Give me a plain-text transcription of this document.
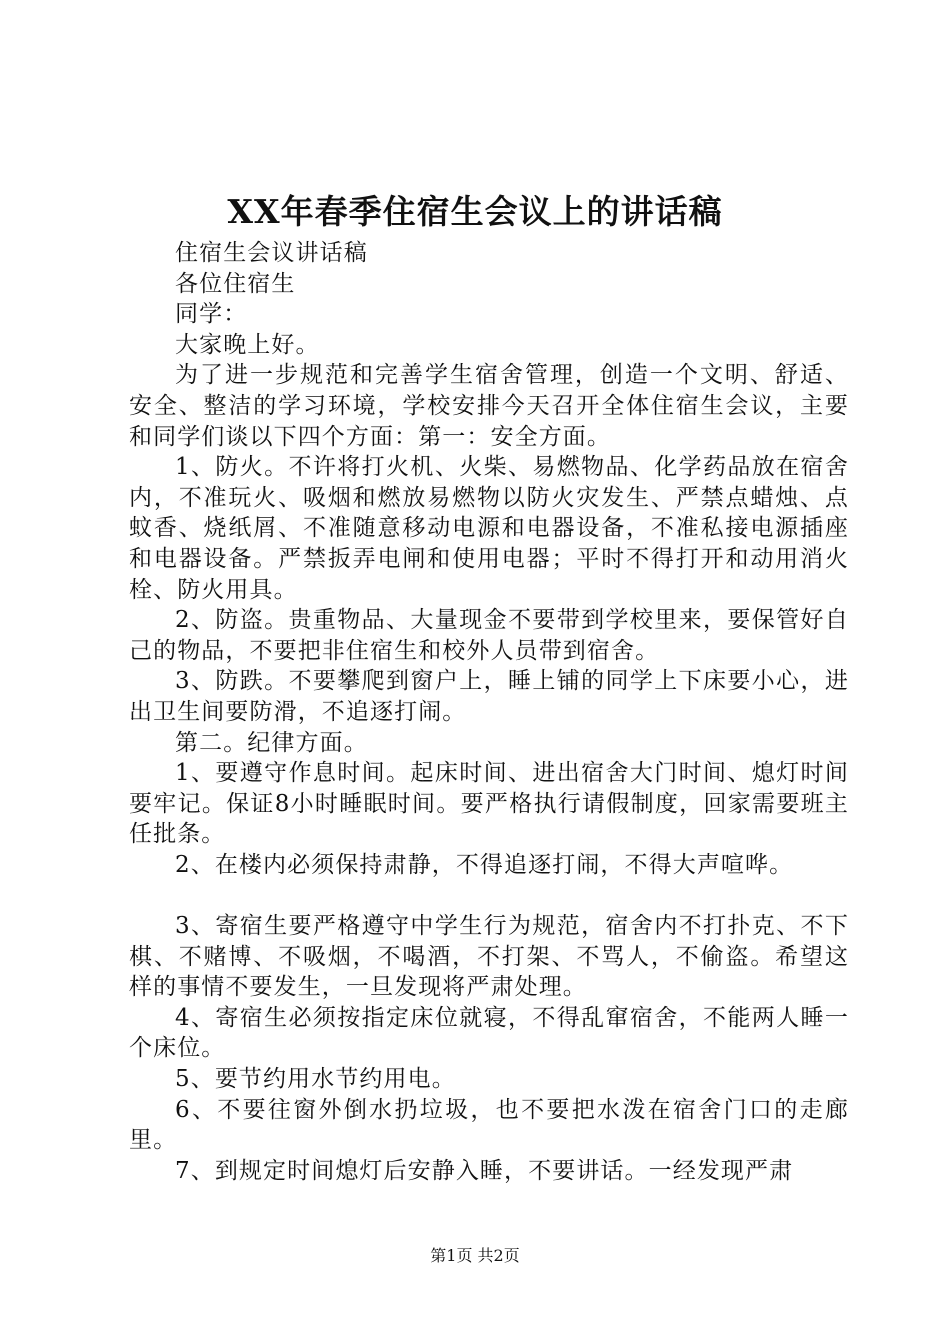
XX年春季住宿生会议上的讲话稿

住宿生会议讲话稿

各位住宿生

同学：

大家晚上好。

为了进一步规范和完善学生宿舍管理，创造一个文明、舒适、安全、整洁的学习环境，学校安排今天召开全体住宿生会议，主要和同学们谈以下四个方面：第一：安全方面。

1、防火。不许将打火机、火柴、易燃物品、化学药品放在宿舍内，不准玩火、吸烟和燃放易燃物以防火灾发生、严禁点蜡烛、点蚊香、烧纸屑、不准随意移动电源和电器设备，不准私接电源插座和电器设备。严禁扳弄电闸和使用电器；平时不得打开和动用消火栓、防火用具。

2、防盗。贵重物品、大量现金不要带到学校里来，要保管好自己的物品，不要把非住宿生和校外人员带到宿舍。

3、防跌。不要攀爬到窗户上，睡上铺的同学上下床要小心，进出卫生间要防滑，不追逐打闹。

第二。纪律方面。

1、要遵守作息时间。起床时间、进出宿舍大门时间、熄灯时间要牢记。保证8小时睡眠时间。要严格执行请假制度，回家需要班主任批条。

2、在楼内必须保持肃静，不得追逐打闹，不得大声喧哗。

3、寄宿生要严格遵守中学生行为规范，宿舍内不打扑克、不下棋、不赌博、不吸烟，不喝酒，不打架、不骂人，不偷盗。希望这样的事情不要发生，一旦发现将严肃处理。

4、寄宿生必须按指定床位就寝，不得乱窜宿舍，不能两人睡一个床位。

5、要节约用水节约用电。

6、不要往窗外倒水扔垃圾，也不要把水泼在宿舍门口的走廊里。

7、到规定时间熄灯后安静入睡，不要讲话。一经发现严肃

第1页 共2页
